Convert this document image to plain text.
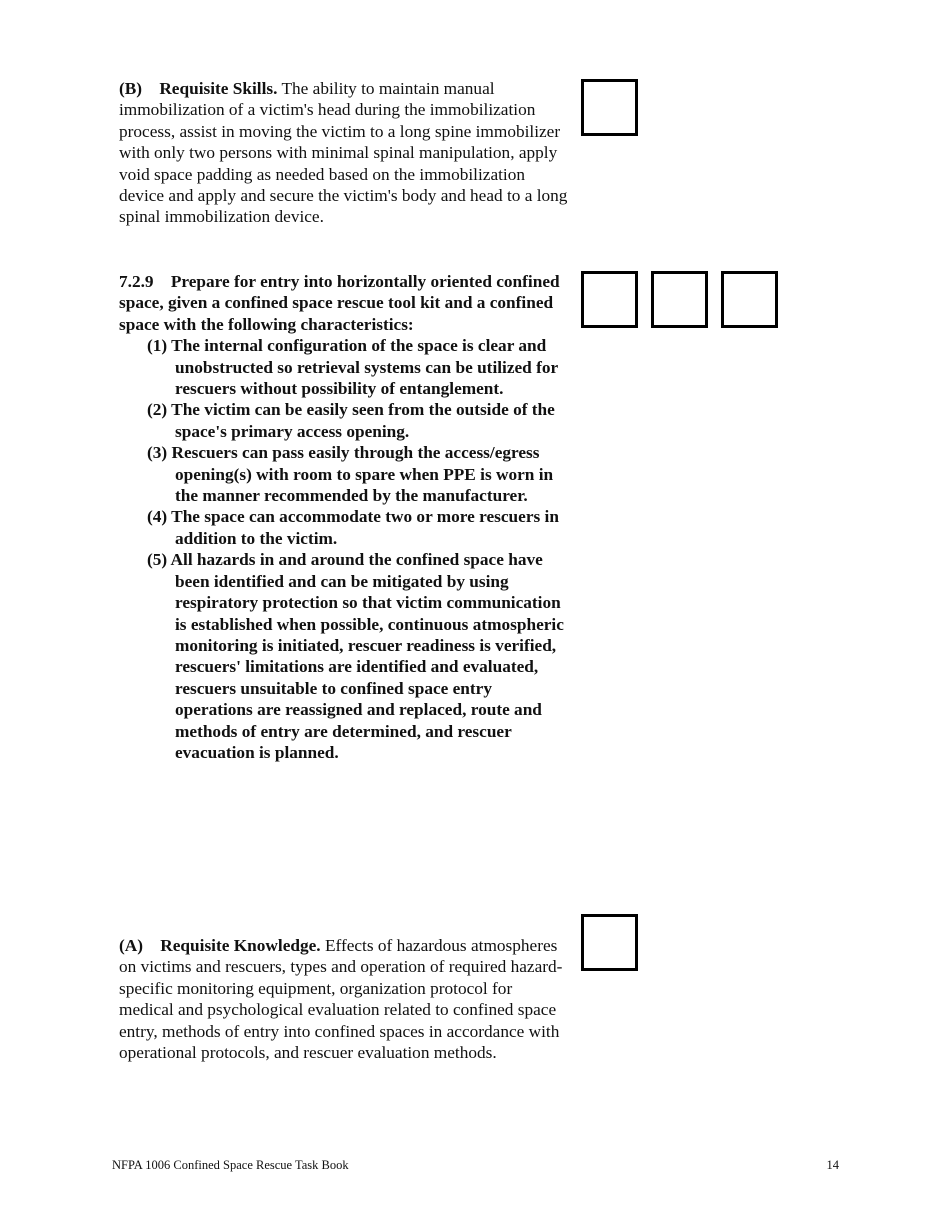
(B) Requisite Skills. The ability to maintain manual immobilization of a victim's head during the immobilization process, assist in moving the victim to a long spine immobilizer with only two persons with minimal spinal manipulation, apply void space padding as needed based on the immobilization device and apply and secure the victim's body and head to a long spinal immobilization device.
7.2.9 Prepare for entry into horizontally oriented confined space, given a confined space rescue tool kit and a confined space with the following characteristics:
(1) The internal configuration of the space is clear and unobstructed so retrieval systems can be utilized for rescuers without possibility of entanglement.
(2) The victim can be easily seen from the outside of the space's primary access opening.
(3) Rescuers can pass easily through the access/egress opening(s) with room to spare when PPE is worn in the manner recommended by the manufacturer.
(4) The space can accommodate two or more rescuers in addition to the victim.
(5) All hazards in and around the confined space have been identified and can be mitigated by using respiratory protection so that victim communication is established when possible, continuous atmospheric monitoring is initiated, rescuer readiness is verified, rescuers' limitations are identified and evaluated, rescuers unsuitable to confined space entry operations are reassigned and replaced, route and methods of entry are determined, and rescuer evacuation is planned.
(A) Requisite Knowledge. Effects of hazardous atmospheres on victims and rescuers, types and operation of required hazard-specific monitoring equipment, organization protocol for medical and psychological evaluation related to confined space entry, methods of entry into confined spaces in accordance with operational protocols, and rescuer evaluation methods.
NFPA 1006 Confined Space Rescue Task Book	14
